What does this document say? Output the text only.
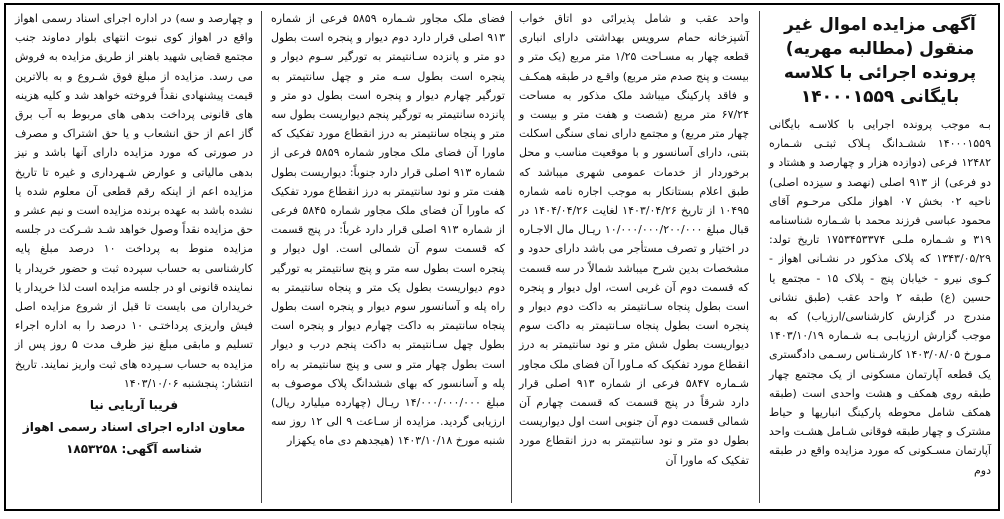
آگهی مزایده اموال غیر منقول (مطالبه مهریه) پرونده اجرائی با کلاسه بایگانی ۱۴۰۰۰۱۵۵۹

بـه موجب پرونده اجرایی با کلاسـه بایگانی ۱۴۰۰۰۱۵۵۹ ششـدانگ پـلاک ثبتـی شـماره ۱۲۴۸۲ فرعی (دوازده هزار و چهارصد و هشتاد و دو فرعی) از ۹۱۳ اصلی (نهصد و سیزده اصلی) ناحیه ۰۲ بخش ۰۷ اهواز ملکی مرحـوم آقای محمود عباسی فرزند محمد با شـماره شناسنامه ۳۱۹ و شـماره ملـی ۱۷۵۳۴۵۳۳۷۴ تاریخ تولد: ۱۳۴۳/۰۵/۲۹ که پلاک مذکور در نشـانی اهواز - کـوی نیرو - خیابان پنج - پلاک ۱۵ - مجتمع یا حسین (ع) طبقه ۲ واحد عقب (طبق نشانی مندرج در گزارش کارشناسی/ارزیاب) که به موجب گزارش ارزیابـی بـه شـماره ۱۴۰۳/۱۰/۱۹ مـورخ ۱۴۰۳/۰۸/۰۵ کارشـناس رسـمی دادگستری یک قطعه آپارتمان مسکونی از یک مجتمع چهار طبقه روی همکف و هشت واحدی است (طبقه همکف شامل محوطه پارکینگ انباریها و حیاط مشترک و چهار طبقه فوقانی شـامل هشـت واحد آپارتمان مسـکونی که مورد مزایده واقع در طبقه دوم

واحد عقب و شامل پذیرائی دو اتاق خواب آشپزخانه حمام سرویس بهداشتی دارای انباری قطعه چهار به مسـاحت ۱/۲۵ متر مربع (یک متر و بیست و پنج صدم متر مربع) واقـع در طبقه همکـف و فاقد پارکینگ میباشد ملک مذکور به مساحت ۶۷/۲۴ متر مربع (شصت و هفت متر و بیست و چهار متر مربع) و مجتمع دارای نمای سنگی اسکلت بتنی، دارای آسانسور و با موقعیت مناسب و محل برخوردار از خدمات عمومی شهری میباشد که طبق اعلام بستانکار به موجب اجاره نامه شماره ۱۰۴۹۵ از تاریخ ۱۴۰۳/۰۴/۲۶ لغایت ۱۴۰۴/۰۴/۲۶ در قبال مبلغ ۱۰/۰۰۰/۰۰۰/۲۰۰/۰۰۰ ریـال مال الاجـاره در اختیار و تصرف مستأجر می باشد دارای حدود و مشخصات بدین شرح میباشد شمالاً در سه قسمت که قسمت دوم آن غربی است، اول دیوار و پنجره است بطول پنجاه سـانتیمتر به داکت دوم دیوار و پنجره است بطول پنجاه سـانتیمتر به داکت سوم دیواریست بطول شش متر و نود سانتیمتر به درز انقطاع مورد تفکیک که مـاورا آن فضای ملک مجاور شـماره ۵۸۴۷ فرعی از شماره ۹۱۳ اصلی قرار دارد شرقاً در پنج قسمت که قسمت چهارم آن شمالی قسمت دوم آن جنوبی است اول دیواریست بطول دو متر و نود سانتیمتر به درز انقطاع مورد تفکیک که ماورا آن

فضای ملک مجاور شـماره ۵۸۵۹ فرعی از شماره ۹۱۳ اصلی قرار دارد دوم دیوار و پنجره است بطول دو متر و پانزده سـانتیمتر به تورگیر سـوم دیوار و پنجره است بطول سـه متر و چهل سانتیمتر به تورگیر چهارم دیوار و پنجره است بطول دو متر و پانزده سانتیمتر به تورگیر پنجم دیواریست بطول سه متر و پنجاه سانتیمتر به درز انقطاع مورد تفکیک که ماورا آن فضای ملک مجاور شماره ۵۸۵۹ فرعی از شماره ۹۱۳ اصلی قرار دارد جنوباً: دیواریست بطول هفت متر و نود سانتیمتر به درز انقطاع مورد تفکیک که ماورا آن فضای ملک مجاور شماره ۵۸۴۵ فرعی از شماره ۹۱۳ اصلی قرار دارد غرباً: در پنج قسمت که قسمت سوم آن شمالی است. اول دیوار و پنجره است بطول سه متر و پنج سانتیمتر به تورگیر دوم دیواریست بطول یک متر و پنجاه سانتیمتر به راه پله و آسانسور سوم دیوار و پنجره است بطول پنجاه سانتیمتر به داکت چهارم دیوار و پنجره است بطول چهل سـانتیمتر به داکت پنجم درب و دیوار است بطول چهار متر و سی و پنج سانتیمتر به راه پله و آسانسور که بهای ششدانگ پلاک موصوف به مبلغ ۱۴/۰۰۰/۰۰۰/۰۰۰ ریـال (چهارده میلیارد ریال) ارزیابی گردید. مزایده از سـاعت ۹ الی ۱۲ روز سه شنبه مورخ ۱۴۰۳/۱۰/۱۸ (هیجدهم دی ماه یکهزار

و چهارصد و سه) در اداره اجرای اسناد رسمی اهواز واقع در اهواز کوی نبوت انتهای بلوار دماوند جنب مجتمع قضایی شهید باهنر از طریق مزایده به فروش می رسد. مزایده از مبلغ فوق شـروع و به بالاترین قیمت پیشنهادی نقداً فروخته خواهد شد و کلیه هزینه های قانونی پرداخت بدهی های مربوط به آب برق گاز اعم از حق انشعاب و یا حق اشتراک و مصرف در صورتی که مورد مزایده دارای آنها باشد و نیز بدهی مالیاتی و عوارض شـهرداری و غیره تا تاریخ مزایده اعم از اینکه رقم قطعی آن معلوم شده یا نشده باشد به عهده برنده مزایده است و نیم عشر و حق مزایده نقداً وصول خواهد شـد شـرکت در جلسه مزایده منوط به پرداخت ۱۰ درصد مبلغ پایه کارشناسی به حساب سپرده ثبت و حضور خریدار یا نماینده قانونی او در جلسه مزایده است لذا خریدار یا خریداران می بایست تا قبل از شروع مزایده اصل فیش واریزی پرداختـی ۱۰ درصد را به اداره اجراء تسلیم و مابقی مبلغ نیز ظرف مدت ۵ روز پس از مزایده به حساب سـپرده های ثبت واریز نمایند. تاریخ انتشار: پنجشنبه ۱۴۰۳/۱۰/۰۶

فریبا آریایی نیا
معاون اداره اجرای اسناد رسمی اهواز
شناسه آگهی: ۱۸۵۳۲۵۸
